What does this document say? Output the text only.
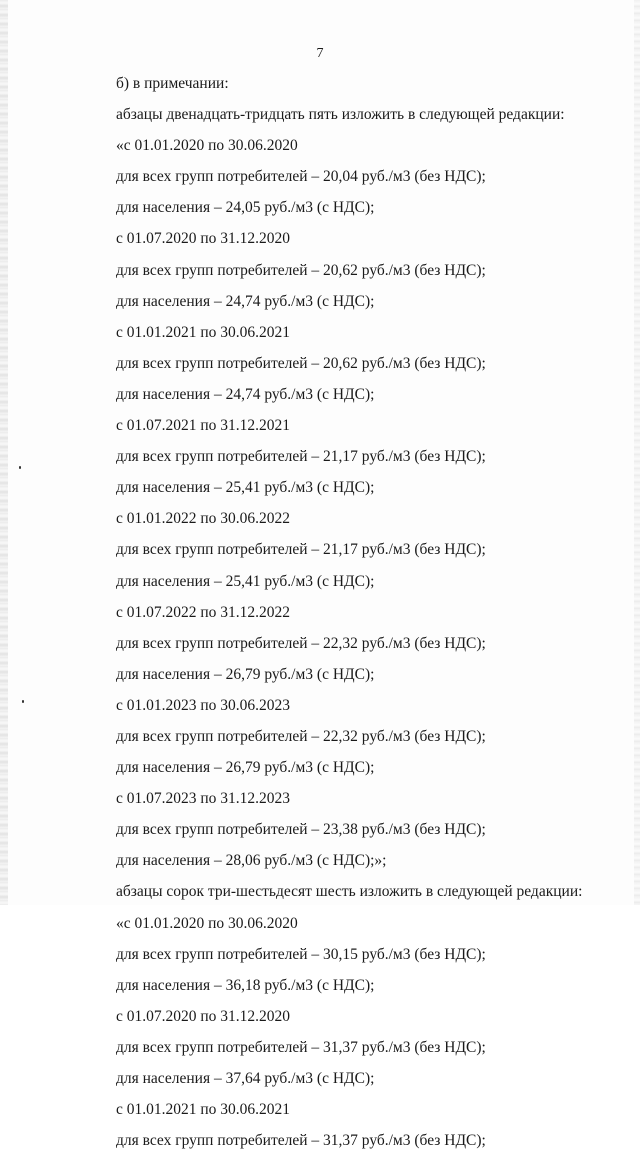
7
б) в примечании:
абзацы двенадцать-тридцать пять изложить в следующей редакции:
«с 01.01.2020 по 30.06.2020
для всех групп потребителей – 20,04 руб./м3 (без НДС);
для населения – 24,05 руб./м3 (с НДС);
с 01.07.2020 по 31.12.2020
для всех групп потребителей – 20,62 руб./м3 (без НДС);
для населения – 24,74 руб./м3 (с НДС);
с 01.01.2021 по 30.06.2021
для всех групп потребителей – 20,62 руб./м3 (без НДС);
для населения – 24,74 руб./м3 (с НДС);
с 01.07.2021 по 31.12.2021
для всех групп потребителей – 21,17 руб./м3 (без НДС);
для населения – 25,41 руб./м3 (с НДС);
с 01.01.2022 по 30.06.2022
для всех групп потребителей – 21,17 руб./м3 (без НДС);
для населения – 25,41 руб./м3 (с НДС);
с 01.07.2022 по 31.12.2022
для всех групп потребителей – 22,32 руб./м3 (без НДС);
для населения – 26,79 руб./м3 (с НДС);
с 01.01.2023 по 30.06.2023
для всех групп потребителей – 22,32 руб./м3 (без НДС);
для населения – 26,79 руб./м3 (с НДС);
с 01.07.2023 по 31.12.2023
для всех групп потребителей – 23,38 руб./м3 (без НДС);
для населения – 28,06 руб./м3 (с НДС);»;
абзацы сорок три-шестьдесят шесть изложить в следующей редакции:
«с 01.01.2020 по 30.06.2020
для всех групп потребителей – 30,15 руб./м3 (без НДС);
для населения – 36,18 руб./м3 (с НДС);
с 01.07.2020 по 31.12.2020
для всех групп потребителей – 31,37 руб./м3 (без НДС);
для населения – 37,64 руб./м3 (с НДС);
с 01.01.2021 по 30.06.2021
для всех групп потребителей – 31,37 руб./м3 (без НДС);
